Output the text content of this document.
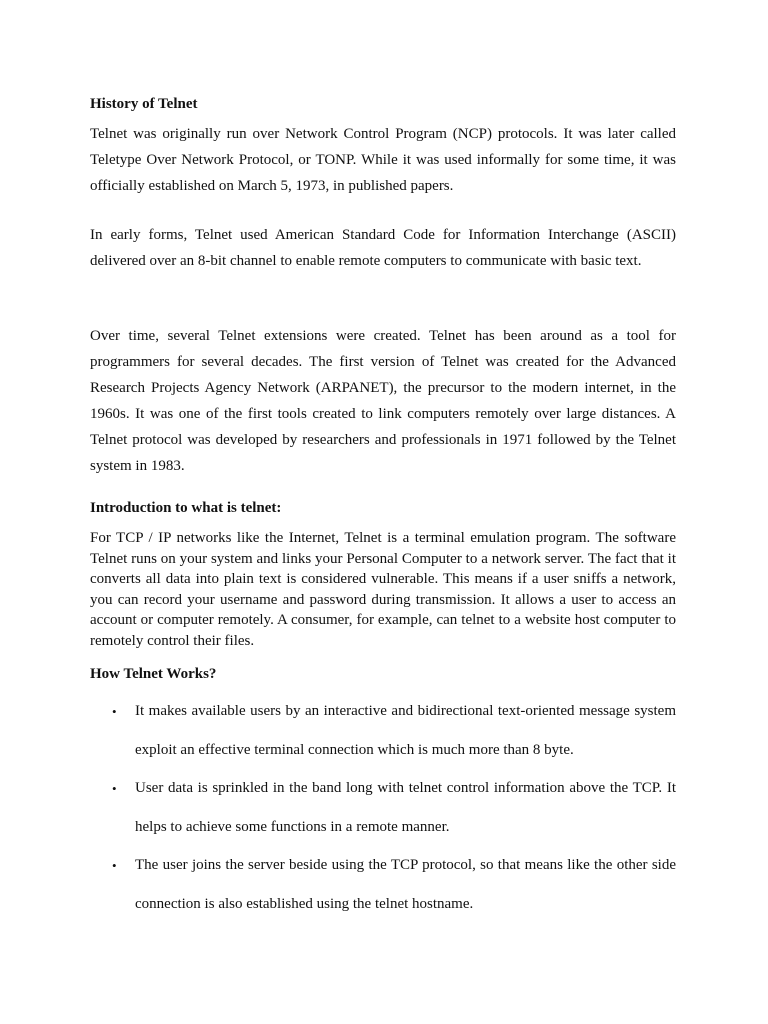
History of Telnet

Telnet was originally run over Network Control Program (NCP) protocols. It was later called Teletype Over Network Protocol, or TONP. While it was used informally for some time, it was officially established on March 5, 1973, in published papers.

In early forms, Telnet used American Standard Code for Information Interchange (ASCII) delivered over an 8-bit channel to enable remote computers to communicate with basic text.

Over time, several Telnet extensions were created. Telnet has been around as a tool for programmers for several decades. The first version of Telnet was created for the Advanced Research Projects Agency Network (ARPANET), the precursor to the modern internet, in the 1960s. It was one of the first tools created to link computers remotely over large distances. A Telnet protocol was developed by researchers and professionals in 1971 followed by the Telnet system in 1983.

Introduction to what is telnet:

For TCP / IP networks like the Internet, Telnet is a terminal emulation program. The software Telnet runs on your system and links your Personal Computer to a network server. The fact that it converts all data into plain text is considered vulnerable. This means if a user sniffs a network, you can record your username and password during transmission. It allows a user to access an account or computer remotely. A consumer, for example, can telnet to a website host computer to remotely control their files.

How Telnet Works?
• It makes available users by an interactive and bidirectional text-oriented message system exploit an effective terminal connection which is much more than 8 byte.
• User data is sprinkled in the band long with telnet control information above the TCP. It helps to achieve some functions in a remote manner.
• The user joins the server beside using the TCP protocol, so that means like the other side connection is also established using the telnet hostname.
